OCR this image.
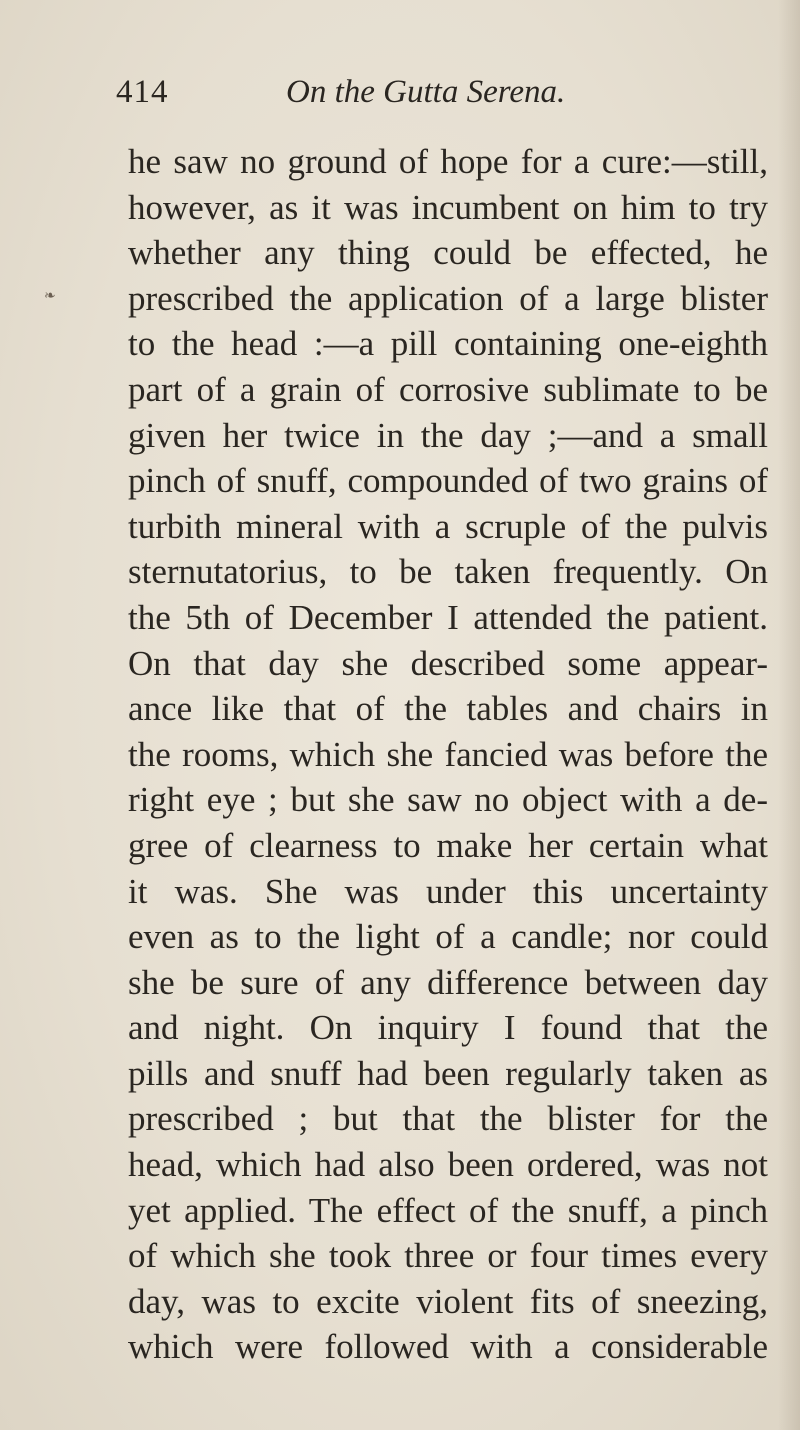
414	On the Gutta Serena.
he saw no ground of hope for a cure:—still,
however, as it was incumbent on him to try
whether any thing could be effected, he
prescribed the application of a large blister
to the head :—a pill containing one-eighth
part of a grain of corrosive sublimate to be
given her twice in the day ;—and a small
pinch of snuff, compounded of two grains of
turbith mineral with a scruple of the pulvis
sternutatorius, to be taken frequently. On
the 5th of December I attended the patient.
On that day she described some appear-
ance like that of the tables and chairs in
the rooms, which she fancied was before the
right eye ; but she saw no object with a de-
gree of clearness to make her certain what
it was. She was under this uncertainty
even as to the light of a candle; nor could
she be sure of any difference between day
and night. On inquiry I found that the
pills and snuff had been regularly taken as
prescribed ; but that the blister for the
head, which had also been ordered, was not
yet applied. The effect of the snuff, a pinch
of which she took three or four times every
day, was to excite violent fits of sneezing,
which were followed with a considerable
❧
